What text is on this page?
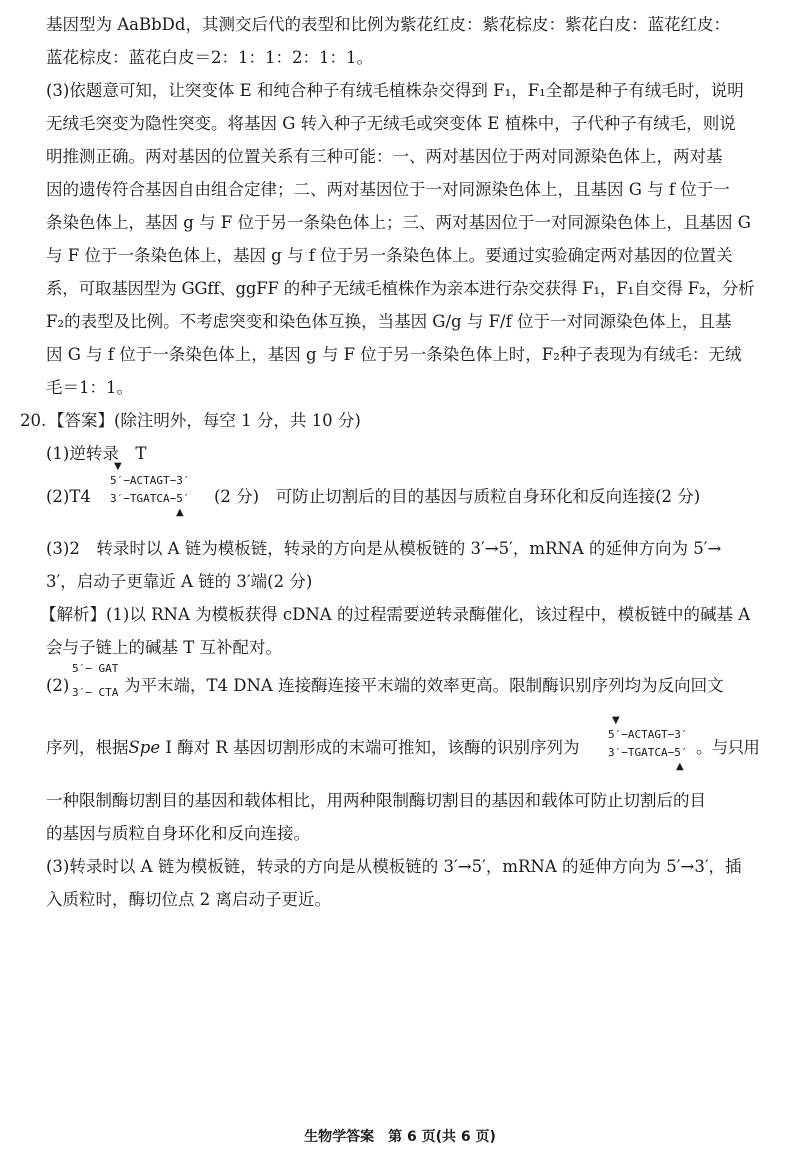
基因型为 AaBbDd，其测交后代的表型和比例为紫花红皮：紫花棕皮：紫花白皮：蓝花红皮：
蓝花棕皮：蓝花白皮＝2：1：1：2：1：1。
(3)依题意可知，让突变体 E 和纯合种子有绒毛植株杂交得到 F₁，F₁全都是种子有绒毛时，说明
无绒毛突变为隐性突变。将基因 G 转入种子无绒毛或突变体 E 植株中，子代种子有绒毛，则说
明推测正确。两对基因的位置关系有三种可能：一、两对基因位于两对同源染色体上，两对基
因的遗传符合基因自由组合定律；二、两对基因位于一对同源染色体上，且基因 G 与 f 位于一
条染色体上，基因 g 与 F 位于另一条染色体上；三、两对基因位于一对同源染色体上，且基因 G
与 F 位于一条染色体上，基因 g 与 f 位于另一条染色体上。要通过实验确定两对基因的位置关
系，可取基因型为 GGff、ggFF 的种子无绒毛植株作为亲本进行杂交获得 F₁，F₁自交得 F₂，分析
F₂的表型及比例。不考虑突变和染色体互换，当基因 G/g 与 F/f 位于一对同源染色体上，且基
因 G 与 f 位于一条染色体上，基因 g 与 F 位于另一条染色体上时，F₂种子表现为有绒毛：无绒
毛＝1：1。
20. 【答案】(除注明外，每空 1 分，共 10 分)
(1)逆转录　T
(2)T4
▼
5′−ACTAGT−3′
3′−TGATCA−5′
▲
(2 分)　可防止切割后的目的基因与质粒自身环化和反向连接(2 分)
(3)2　转录时以 A 链为模板链，转录的方向是从模板链的 3′→5′，mRNA 的延伸方向为 5′→
3′，启动子更靠近 A 链的 3′端(2 分)
【解析】(1)以 RNA 为模板获得 cDNA 的过程需要逆转录酶催化，该过程中，模板链中的碱基 A
会与子链上的碱基 T 互补配对。
(2)
5′− GAT
3′− CTA 为平末端，T4 DNA 连接酶连接平末端的效率更高。限制酶识别序列均为反向回文
序列，根据Spe Ⅰ 酶对 R 基因切割形成的末端可推知，该酶的识别序列为
▼
5′−ACTAGT−3′
3′−TGATCA−5′
▲
。与只用
一种限制酶切割目的基因和载体相比，用两种限制酶切割目的基因和载体可防止切割后的目
的基因与质粒自身环化和反向连接。
(3)转录时以 A 链为模板链，转录的方向是从模板链的 3′→5′，mRNA 的延伸方向为 5′→3′，插
入质粒时，酶切位点 2 离启动子更近。
生物学答案　第 6 页(共 6 页)
